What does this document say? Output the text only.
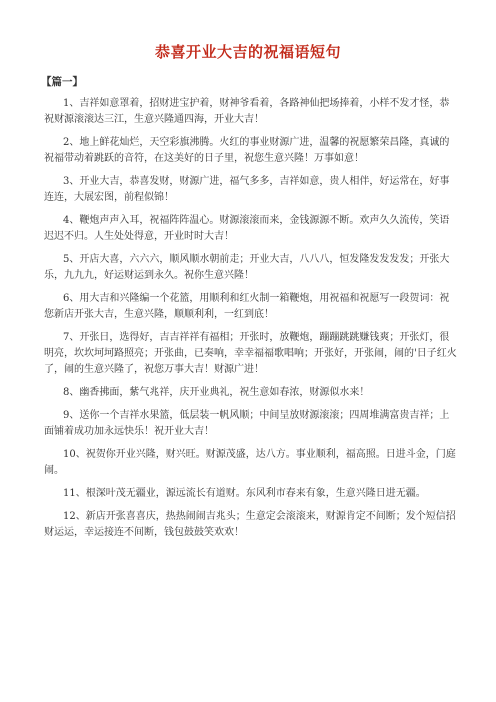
恭喜开业大吉的祝福语短句
【篇一】

1、吉祥如意罩着，招财进宝护着，财神爷看着，各路神仙把场捧着，小样不发才怪，恭祝财源滚滚达三江，生意兴隆通四海，开业大吉！

2、地上鲜花灿烂，天空彩旗沸腾。火红的事业财源广进，温馨的祝愿繁荣昌隆，真诚的祝福带动着跳跃的音符，在这美好的日子里，祝您生意兴隆！万事如意！

3、开业大吉，恭喜发财，财源广进，福气多多，吉祥如意，贵人相伴，好运常在，好事连连，大展宏图，前程似锦！

4、鞭炮声声入耳，祝福阵阵温心。财源滚滚而来，金钱源源不断。欢声久久流传，笑语迟迟不归。人生处处得意，开业时时大吉！

5、开店大喜，六六六，顺风顺水朝前走；开业大吉，八八八，恒发隆发发发发；开张大乐，九九九，好运财运到永久。祝你生意兴隆！

6、用大吉和兴隆编一个花篮，用顺利和红火制一箱鞭炮，用祝福和祝愿写一段贺词：祝您新店开张大吉，生意兴隆，顺顺利利，一红到底！

7、开张日，选得好，吉吉祥祥有福相；开张时，放鞭炮，蹦蹦跳跳赚钱爽；开张灯，很明亮，坎坎坷坷路照亮；开张曲，已奏响，幸幸福福歌唱响；开张好，开张闹，闹的'日子红火了，闹的生意兴隆了，祝您万事大吉！财源广进！

8、幽香拂面，紫气兆祥，庆开业典礼，祝生意如春浓，财源似水来！

9、送你一个吉祥水果篮，低层装一帆风顺；中间呈放财源滚滚；四周堆满富贵吉祥；上面铺着成功加永远快乐！祝开业大吉！

10、祝贺你开业兴隆，财兴旺。财源茂盛，达八方。事业顺利，福高照。日进斗金，门庭闹。

11、根深叶茂无疆业，源远流长有道财。东风利市春来有象，生意兴隆日进无疆。

12、新店开张喜喜庆，热热闹闹吉兆头；生意定会滚滚来，财源肯定不间断；发个短信招财运运，幸运接连不间断，钱包鼓鼓笑欢欢！
